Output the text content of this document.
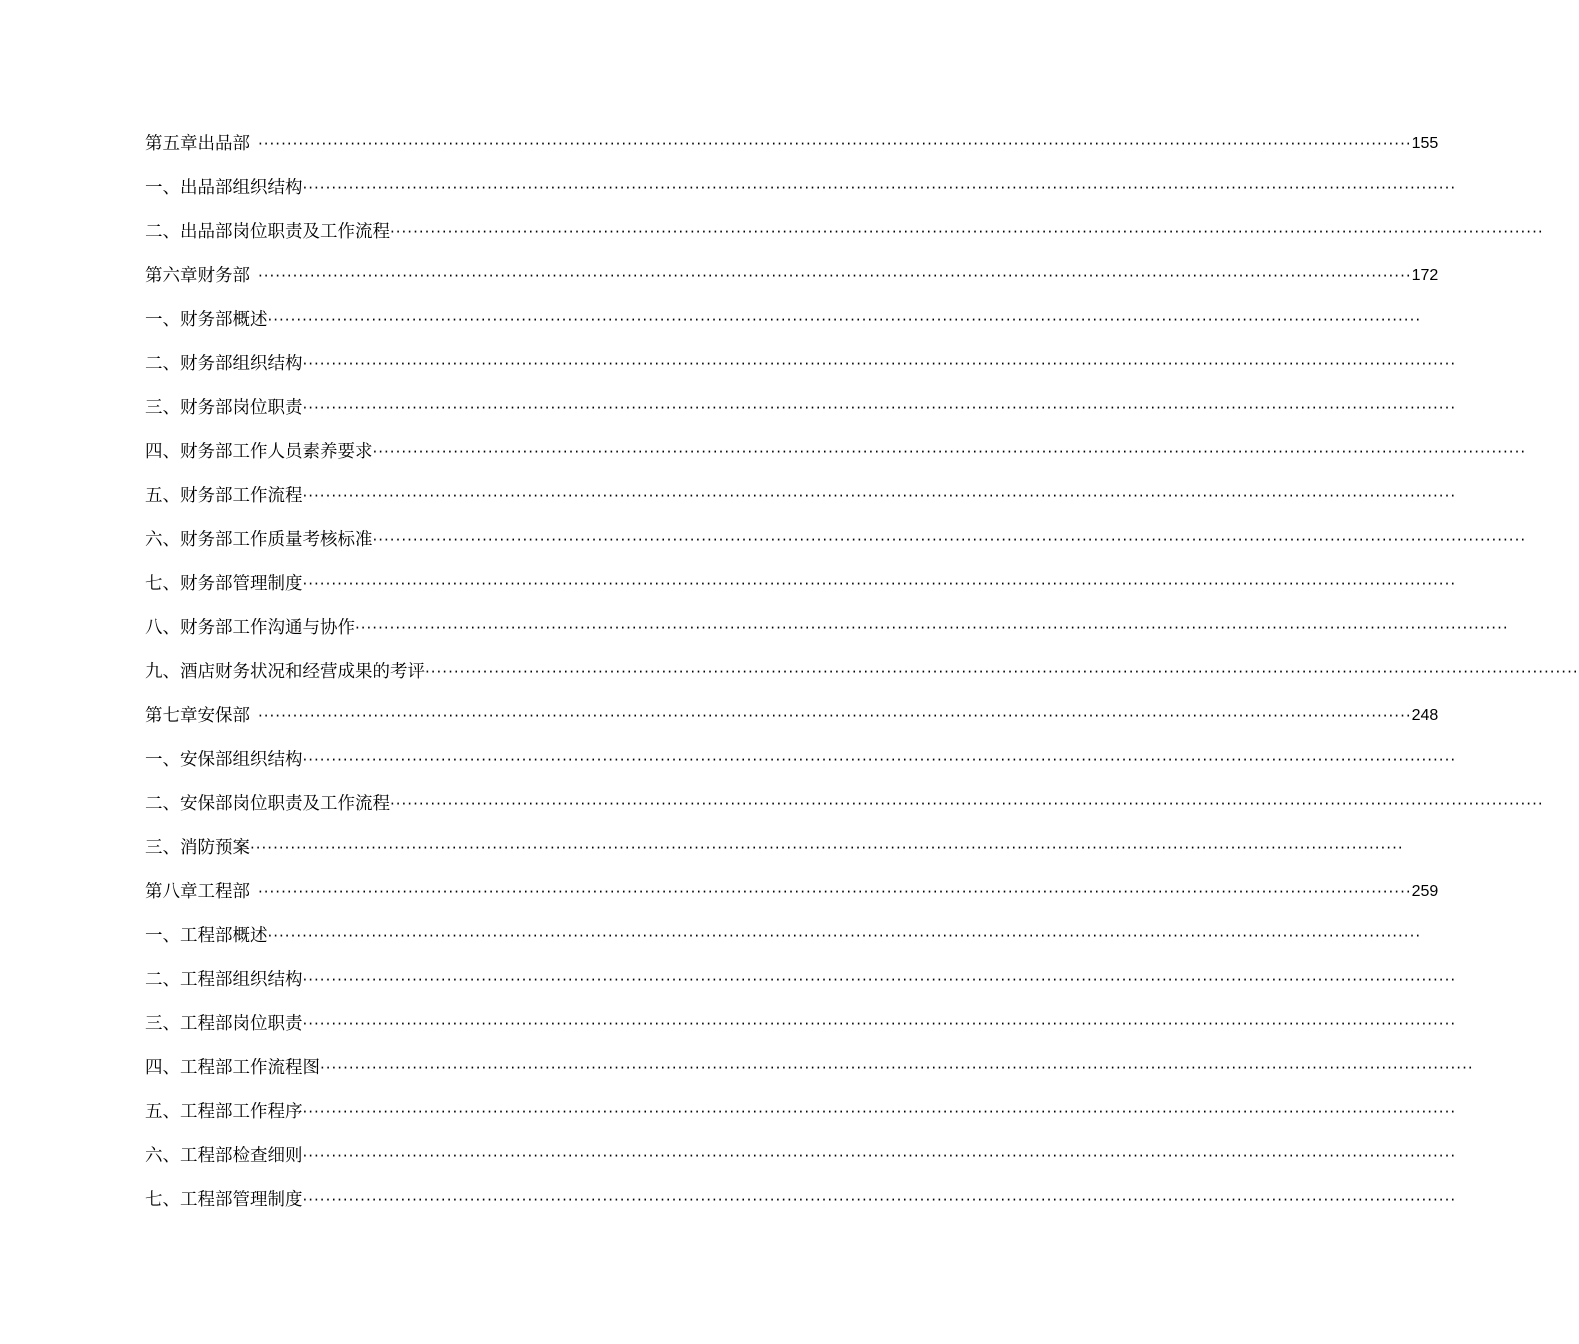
第五章 出品部 ········································································································································································································ 155
一、出品部组织结构 ········································································································································································································
二、出品部岗位职责及工作流程 ········································································································································································································
第六章 财务部 ········································································································································································································ 172
一、财务部概述 ········································································································································································································
二、财务部组织结构 ········································································································································································································
三、财务部岗位职责 ········································································································································································································
四、财务部工作人员素养要求 ········································································································································································································
五、财务部工作流程 ········································································································································································································
六、财务部工作质量考核标准 ········································································································································································································
七、财务部管理制度 ········································································································································································································
八、财务部工作沟通与协作 ········································································································································································································
九、酒店财务状况和经营成果的考评 ········································································································································································································
第七章 安保部 ········································································································································································································ 248
一、安保部组织结构 ········································································································································································································
二、安保部岗位职责及工作流程 ········································································································································································································
三、消防预案 ········································································································································································································
第八章 工程部 ········································································································································································································ 259
一、工程部概述 ········································································································································································································
二、工程部组织结构 ········································································································································································································
三、工程部岗位职责 ········································································································································································································
四、工程部工作流程图 ········································································································································································································
五、工程部工作程序 ········································································································································································································
六、工程部检查细则 ········································································································································································································
七、工程部管理制度 ········································································································································································································
